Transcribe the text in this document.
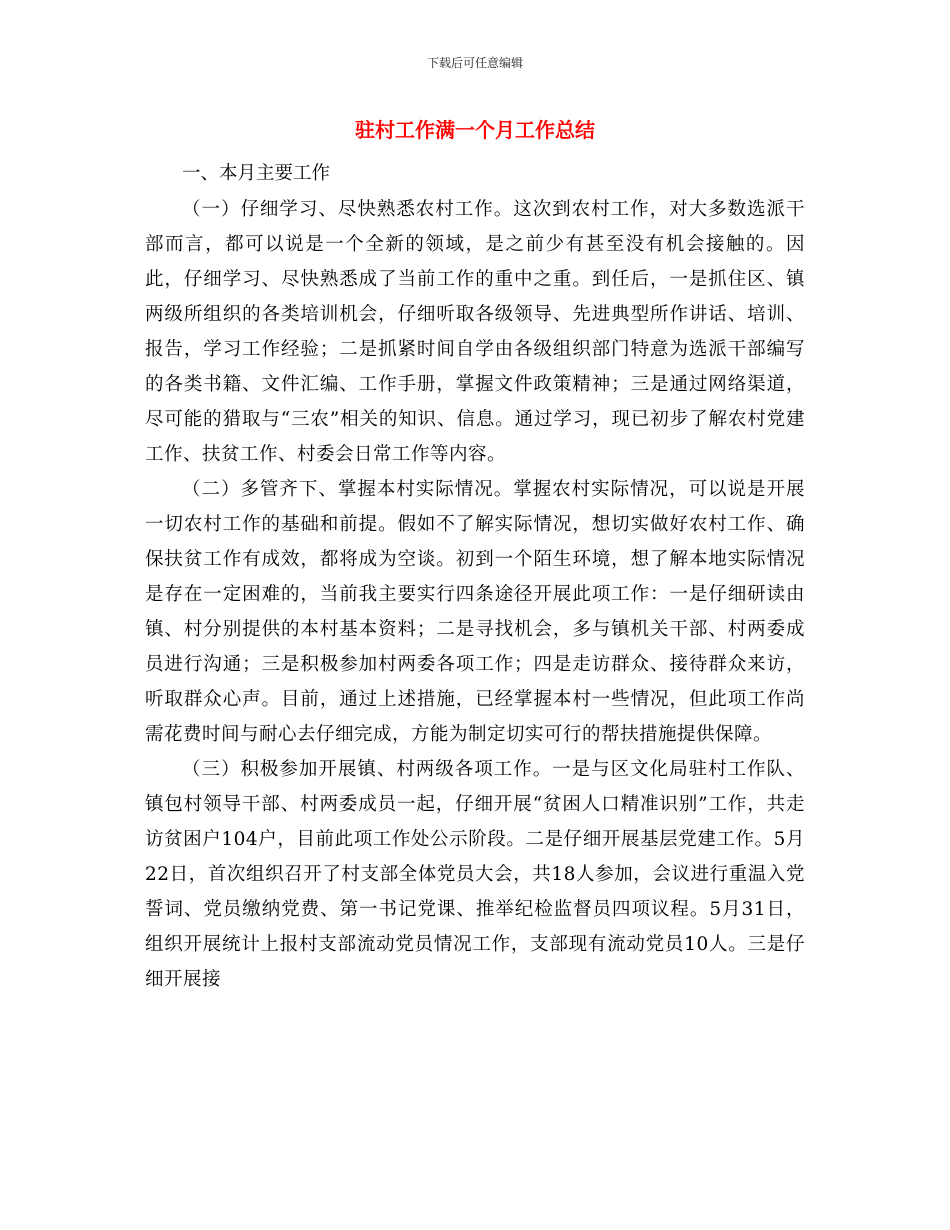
下载后可任意编辑
驻村工作满一个月工作总结
一、本月主要工作

（一）仔细学习、尽快熟悉农村工作。这次到农村工作，对大多数选派干部而言，都可以说是一个全新的领域，是之前少有甚至没有机会接触的。因此，仔细学习、尽快熟悉成了当前工作的重中之重。到任后，一是抓住区、镇两级所组织的各类培训机会，仔细听取各级领导、先进典型所作讲话、培训、报告，学习工作经验；二是抓紧时间自学由各级组织部门特意为选派干部编写的各类书籍、文件汇编、工作手册，掌握文件政策精神；三是通过网络渠道，尽可能的猎取与“三农”相关的知识、信息。通过学习，现已初步了解农村党建工作、扶贫工作、村委会日常工作等内容。

（二）多管齐下、掌握本村实际情况。掌握农村实际情况，可以说是开展一切农村工作的基础和前提。假如不了解实际情况，想切实做好农村工作、确保扶贫工作有成效，都将成为空谈。初到一个陌生环境，想了解本地实际情况是存在一定困难的，当前我主要实行四条途径开展此项工作：一是仔细研读由镇、村分别提供的本村基本资料；二是寻找机会，多与镇机关干部、村两委成员进行沟通；三是积极参加村两委各项工作；四是走访群众、接待群众来访，听取群众心声。目前，通过上述措施，已经掌握本村一些情况，但此项工作尚需花费时间与耐心去仔细完成，方能为制定切实可行的帮扶措施提供保障。

（三）积极参加开展镇、村两级各项工作。一是与区文化局驻村工作队、镇包村领导干部、村两委成员一起，仔细开展“贫困人口精准识别”工作，共走访贫困户104户，目前此项工作处公示阶段。二是仔细开展基层党建工作。5月22日，首次组织召开了村支部全体党员大会，共18人参加，会议进行重温入党誓词、党员缴纳党费、第一书记党课、推举纪检监督员四项议程。5月31日，组织开展统计上报村支部流动党员情况工作，支部现有流动党员10人。三是仔细开展接
